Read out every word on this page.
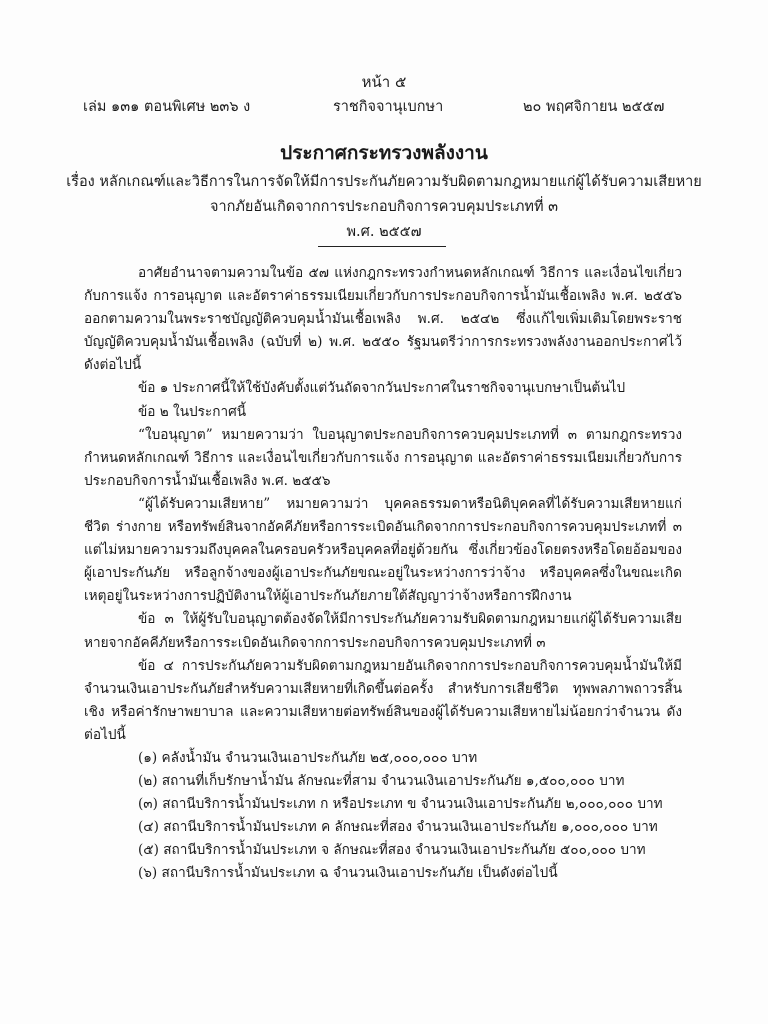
หน้า ๕
เล่ม ๑๓๑ ตอนพิเศษ ๒๓๖ ง	ราชกิจจานุเบกษา	๒๐ พฤศจิกายน ๒๕๕๗
ประกาศกระทรวงพลังงาน
เรื่อง หลักเกณฑ์และวิธีการในการจัดให้มีการประกันภัยความรับผิดตามกฎหมายแก่ผู้ได้รับความเสียหาย จากภัยอันเกิดจากการประกอบกิจการควบคุมประเภทที่ ๓
พ.ศ. ๒๕๕๗

อาศัยอำนาจตามความในข้อ ๕๗ แห่งกฎกระทรวงกำหนดหลักเกณฑ์ วิธีการ และเงื่อนไขเกี่ยวกับการแจ้ง การอนุญาต และอัตราค่าธรรมเนียมเกี่ยวกับการประกอบกิจการน้ำมันเชื้อเพลิง พ.ศ. ๒๕๕๖ ออกตามความในพระราชบัญญัติควบคุมน้ำมันเชื้อเพลิง พ.ศ. ๒๕๔๒ ซึ่งแก้ไขเพิ่มเติมโดยพระราชบัญญัติควบคุมน้ำมันเชื้อเพลิง (ฉบับที่ ๒) พ.ศ. ๒๕๕๐ รัฐมนตรีว่าการกระทรวงพลังงานออกประกาศไว้ ดังต่อไปนี้

ข้อ ๑ ประกาศนี้ให้ใช้บังคับตั้งแต่วันถัดจากวันประกาศในราชกิจจานุเบกษาเป็นต้นไป

ข้อ ๒ ในประกาศนี้

“ใบอนุญาต” หมายความว่า ใบอนุญาตประกอบกิจการควบคุมประเภทที่ ๓ ตามกฎกระทรวงกำหนดหลักเกณฑ์ วิธีการ และเงื่อนไขเกี่ยวกับการแจ้ง การอนุญาต และอัตราค่าธรรมเนียมเกี่ยวกับการประกอบกิจการน้ำมันเชื้อเพลิง พ.ศ. ๒๕๕๖

“ผู้ได้รับความเสียหาย” หมายความว่า บุคคลธรรมดาหรือนิติบุคคลที่ได้รับความเสียหายแก่ชีวิต ร่างกาย หรือทรัพย์สินจากอัคคีภัยหรือการระเบิดอันเกิดจากการประกอบกิจการควบคุมประเภทที่ ๓ แต่ไม่หมายความรวมถึงบุคคลในครอบครัวหรือบุคคลที่อยู่ด้วยกัน ซึ่งเกี่ยวข้องโดยตรงหรือโดยอ้อมของผู้เอาประกันภัย หรือลูกจ้างของผู้เอาประกันภัยขณะอยู่ในระหว่างการว่าจ้าง หรือบุคคลซึ่งในขณะเกิดเหตุอยู่ในระหว่างการปฏิบัติงานให้ผู้เอาประกันภัยภายใต้สัญญาว่าจ้างหรือการฝึกงาน

ข้อ ๓ ให้ผู้รับใบอนุญาตต้องจัดให้มีการประกันภัยความรับผิดตามกฎหมายแก่ผู้ได้รับความเสียหายจากอัคคีภัยหรือการระเบิดอันเกิดจากการประกอบกิจการควบคุมประเภทที่ ๓

ข้อ ๔ การประกันภัยความรับผิดตามกฎหมายอันเกิดจากการประกอบกิจการควบคุมน้ำมันให้มีจำนวนเงินเอาประกันภัยสำหรับความเสียหายที่เกิดขึ้นต่อครั้ง สำหรับการเสียชีวิต ทุพพลภาพถาวรสิ้นเชิง หรือค่ารักษาพยาบาล และความเสียหายต่อทรัพย์สินของผู้ได้รับความเสียหายไม่น้อยกว่าจำนวน ดังต่อไปนี้

(๑) คลังน้ำมัน จำนวนเงินเอาประกันภัย ๒๕,๐๐๐,๐๐๐ บาท

(๒) สถานที่เก็บรักษาน้ำมัน ลักษณะที่สาม จำนวนเงินเอาประกันภัย ๑,๕๐๐,๐๐๐ บาท

(๓) สถานีบริการน้ำมันประเภท ก หรือประเภท ข จำนวนเงินเอาประกันภัย ๒,๐๐๐,๐๐๐ บาท

(๔) สถานีบริการน้ำมันประเภท ค ลักษณะที่สอง จำนวนเงินเอาประกันภัย ๑,๐๐๐,๐๐๐ บาท

(๕) สถานีบริการน้ำมันประเภท จ ลักษณะที่สอง จำนวนเงินเอาประกันภัย ๕๐๐,๐๐๐ บาท

(๖) สถานีบริการน้ำมันประเภท ฉ จำนวนเงินเอาประกันภัย เป็นดังต่อไปนี้
